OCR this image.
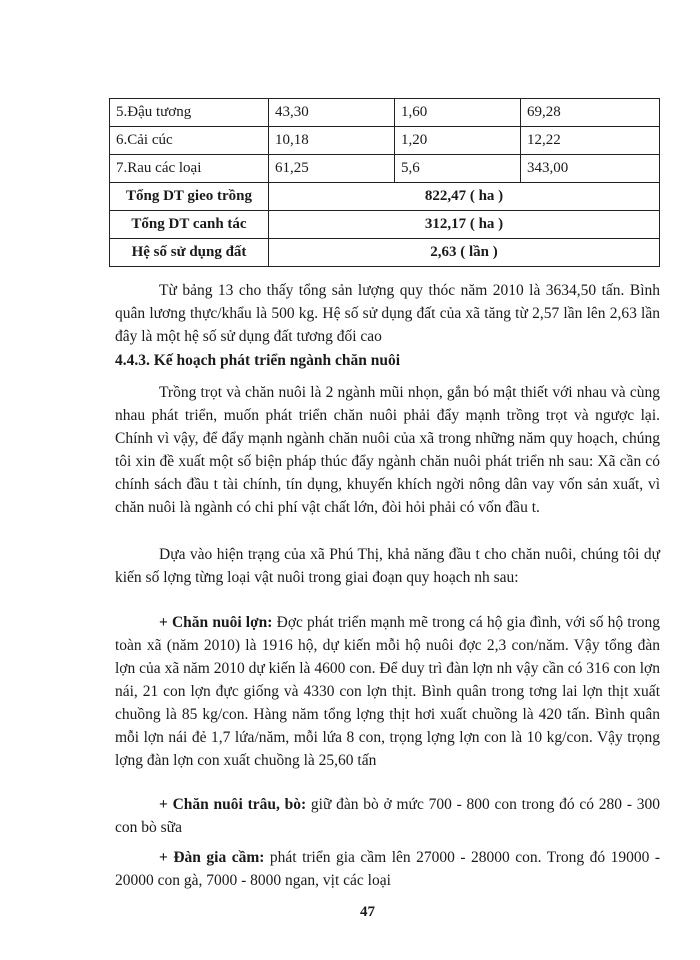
5.Đậu tương	43,30	1,60	69,28
6.Cải cúc	10,18	1,20	12,22
7.Rau các loại	61,25	5,6	343,00
Tổng DT gieo trồng	822,47 ( ha )		
Tổng DT canh tác	312,17 ( ha )		
Hệ số sử dụng đất	2,63 ( lần )		

Từ bảng 13 cho thấy tổng sản lượng quy thóc năm 2010 là 3634,50 tấn. Bình quân lương thực/khẩu là 500 kg. Hệ số sử dụng đất của xã tăng từ 2,57 lần lên 2,63 lần đây là một hệ số sử dụng đất tương đối cao

4.4.3. Kế hoạch phát triển ngành chăn nuôi

Trồng trọt và chăn nuôi là 2 ngành mũi nhọn, gắn bó mật thiết với nhau và cùng nhau phát triển, muốn phát triển chăn nuôi phải đẩy mạnh trồng trọt và ngược lại. Chính vì vậy, để đẩy mạnh ngành chăn nuôi của xã trong những năm quy hoạch, chúng tôi xin đề xuất một số biện pháp thúc đẩy ngành chăn nuôi phát triển nh sau: Xã cần có chính sách đầu t tài chính, tín dụng, khuyến khích ngời nông dân vay vốn sản xuất, vì chăn nuôi là ngành có chi phí vật chất lớn, đòi hỏi phải có vốn đầu t.

Dựa vào hiện trạng của xã Phú Thị, khả năng đầu t cho chăn nuôi, chúng tôi dự kiến số lợng từng loại vật nuôi trong giai đoạn quy hoạch nh sau:

+ Chăn nuôi lợn: Đợc phát triển mạnh mẽ trong cá hộ gia đình, với số hộ trong toàn xã (năm 2010) là 1916 hộ, dự kiến mỗi hộ nuôi đợc 2,3 con/năm. Vậy tổng đàn lợn của xã năm 2010 dự kiến là 4600 con. Để duy trì đàn lợn nh vậy cần có 316 con lợn nái, 21 con lợn đực giống và 4330 con lợn thịt. Bình quân trong tơng lai lợn thịt xuất chuồng là 85 kg/con. Hàng năm tổng lợng thịt hơi xuất chuồng là 420 tấn. Bình quân mỗi lợn nái đẻ 1,7 lứa/năm, mỗi lứa 8 con, trọng lợng lợn con là 10 kg/con. Vậy trọng lợng đàn lợn con xuất chuồng là 25,60 tấn

+ Chăn nuôi trâu, bò: giữ đàn bò ở mức 700 - 800 con trong đó có 280 - 300 con bò sữa

+ Đàn gia cầm: phát triển gia cầm lên 27000 - 28000 con. Trong đó 19000 - 20000 con gà, 7000 - 8000 ngan, vịt các loại

47
